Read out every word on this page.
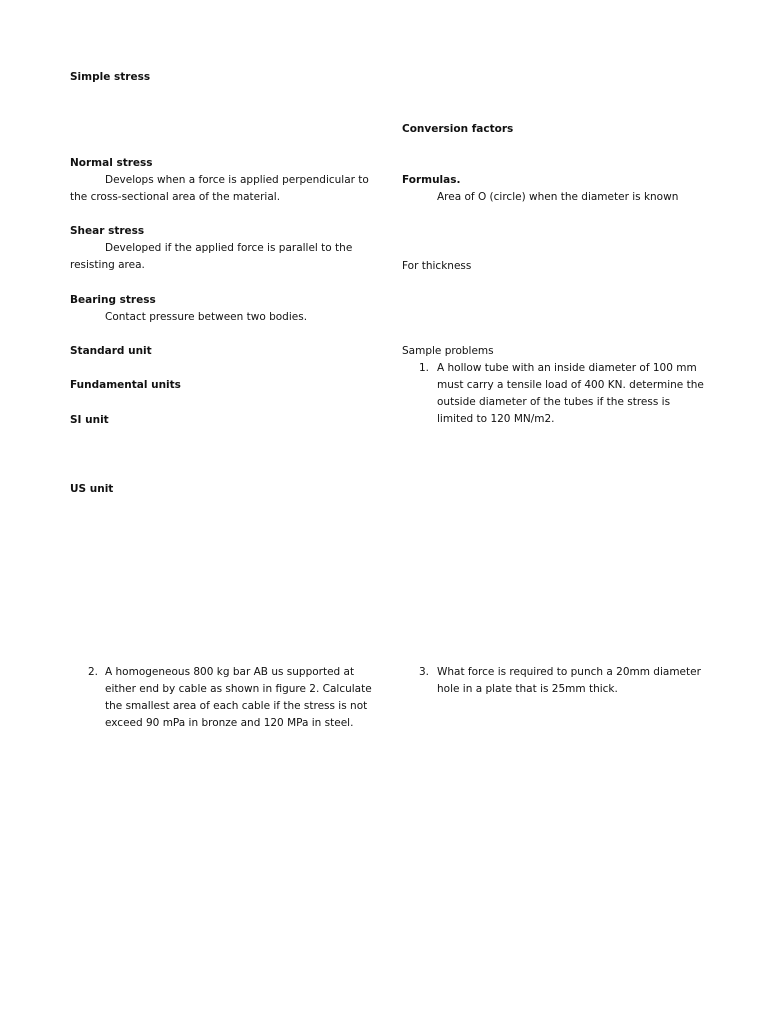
Simple stress
Normal stress
Develops when a force is applied perpendicular to
the cross-sectional area of the material.
Shear stress
Developed if the applied force is parallel to the
resisting area.
Bearing stress
Contact pressure between two bodies.
Standard unit
Fundamental units
SI unit
US unit
Conversion factors
Formulas.
Area of O (circle) when the diameter is known
For thickness
Sample problems
1. A hollow tube with an inside diameter of 100 mm
must carry a tensile load of 400 KN. determine the
outside diameter of the tubes if the stress is
limited to 120 MN/m2.
2. A homogeneous 800 kg bar AB us supported at
either end by cable as shown in figure 2. Calculate
the smallest area of each cable if the stress is not
exceed 90 mPa in bronze and 120 MPa in steel.
3. What force is required to punch a 20mm diameter
hole in a plate that is 25mm thick.
